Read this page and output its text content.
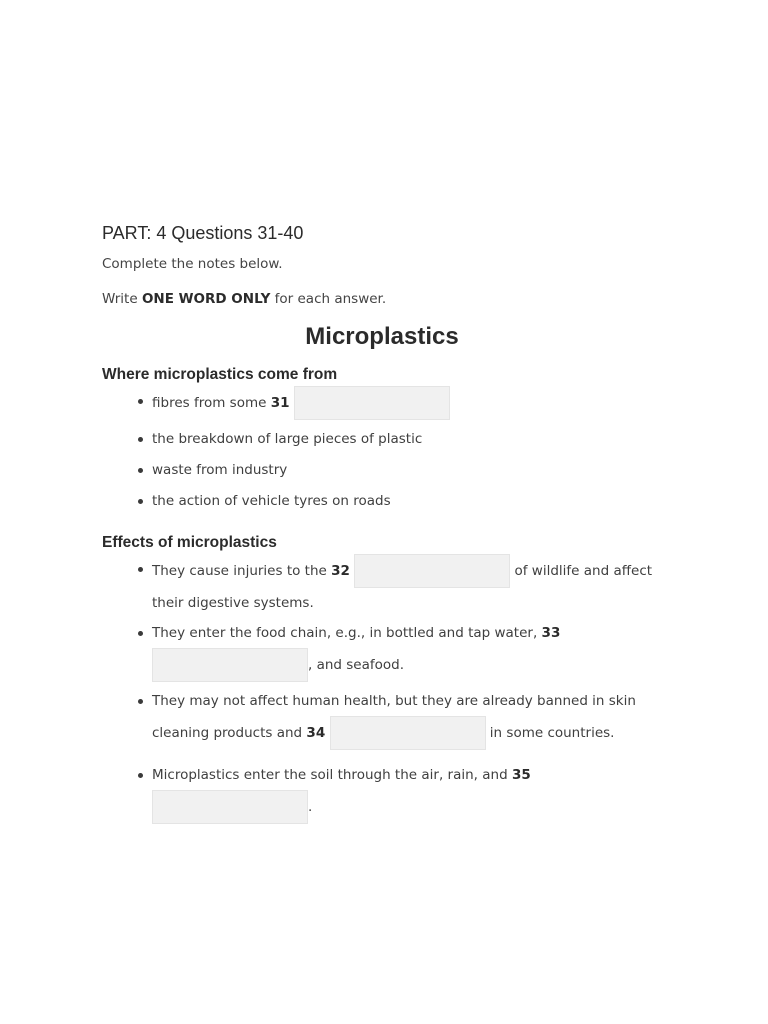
PART: 4 Questions 31-40

Complete the notes below.

Write ONE WORD ONLY for each answer.

Microplastics
Where microplastics come from
fibres from some 31
the breakdown of large pieces of plastic
waste from industry
the action of vehicle tyres on roads
Effects of microplastics
They cause injuries to the 32	of wildlife and affect their digestive systems.
They enter the food chain, e.g., in bottled and tap water, 33
, and seafood.
They may not affect human health, but they are already banned in skin cleaning products and 34	in some countries.
Microplastics enter the soil through the air, rain, and 35
.
